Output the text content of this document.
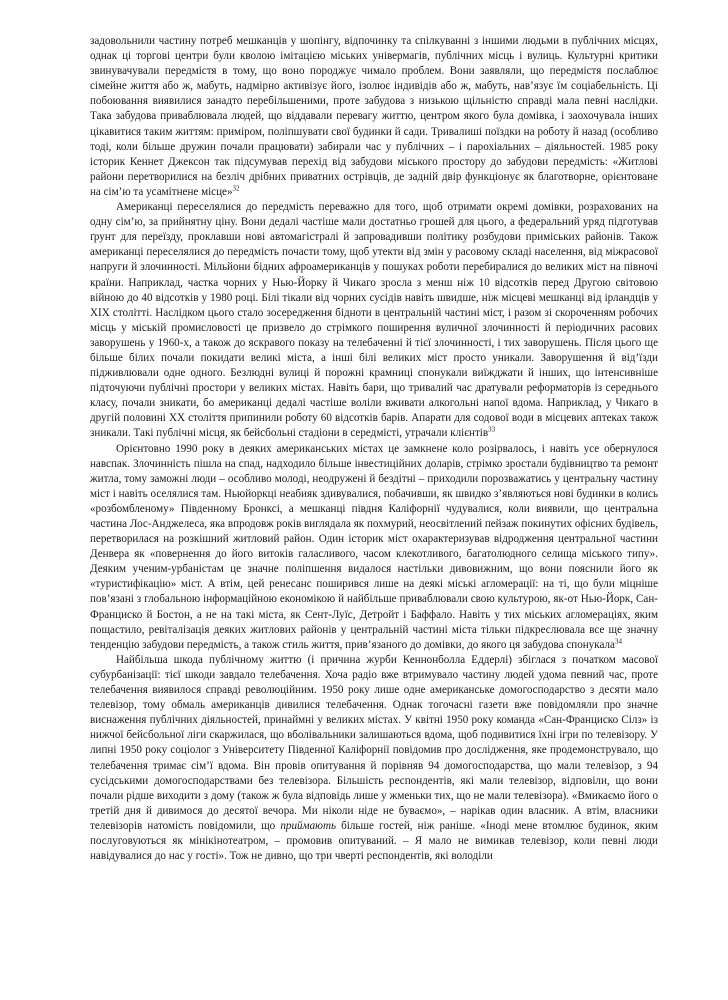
задовольнили частину потреб мешканців у шопінгу, відпочинку та спілкуванні з іншими людьми в публічних місцях, однак ці торгові центри були кволою імітацією міських універмагів, публічних місць і вулиць. Культурні критики звинувачували передмістя в тому, що воно породжує чимало проблем. Вони заявляли, що передмістя послаблює сімейне життя або ж, мабуть, надмірно активізує його, ізолює індивідів або ж, мабуть, нав’язує їм соціабельність. Ці побоювання виявилися занадто перебільшеними, проте забудова з низькою щільністю справді мала певні наслідки. Така забудова приваблювала людей, що віддавали перевагу життю, центром якого була домівка, і заохочувала інших цікавитися таким життям: приміром, поліпшувати свої будинки й сади. Тривалиші поїздки на роботу й назад (особливо тоді, коли більше дружин почали працювати) забирали час у публічних – і парохіальних – діяльностей. 1985 року історик Кеннет Джексон так підсумував перехід від забудови міського простору до забудови передмість: «Житлові райони перетворилися на безліч дрібних приватних острівців, де задній двір функціонує як благотворне, орієнтоване на сім’ю та усамітнене місце»$^{32}$

Американці переселялися до передмість переважно для того, щоб отримати окремі домівки, розрахованих на одну сім’ю, за прийнятну ціну. Вони дедалі частіше мали достатньо грошей для цього, а федеральний уряд підготував ґрунт для переїзду, проклавши нові автомагістралі й запровадивши політику розбудови приміських районів. Також американці переселялися до передмість почасти тому, щоб утекти від змін у расовому складі населення, від міжрасової напруги й злочинності. Мільйони бідних афроамериканців у пошуках роботи перебиралися до великих міст на півночі країни. Наприклад, частка чорних у Нью-Йорку й Чикаго зросла з менш ніж 10 відсотків перед Другою світовою війною до 40 відсотків у 1980 році. Білі тікали від чорних сусідів навіть швидше, ніж місцеві мешканці від ірландців у XIX столітті. Наслідком цього стало зосередження бідноти в центральній частині міст, і разом зі скороченням робочих місць у міській промисловості це призвело до стрімкого поширення вуличної злочинності й періодичних расових заворушень у 1960-х, а також до яскравого показу на телебаченні й тієї злочинності, і тих заворушень. Після цього ще більше білих почали покидати великі міста, а інші білі великих міст просто уникали. Заворушення й від’їзди підживлювали одне одного. Безлюдні вулиці й порожні крамниці спонукали виїжджати й інших, що інтенсивніше підточуючи публічні простори у великих містах. Навіть бари, що тривалий час дратували реформаторів із середнього класу, почали зникати, бо американці дедалі частіше воліли вживати алкогольні напої вдома. Наприклад, у Чикаго в другій половині XX століття припинили роботу 60 відсотків барів. Апарати для содової води в місцевих аптеках також зникали. Такі публічні місця, як бейсбольні стадіони в середмісті, утрачали клієнтів$^{33}$

Орієнтовно 1990 року в деяких американських містах це замкнене коло розірвалось, і навіть усе обернулося навспак. Злочинність пішла на спад, надходило більше інвестиційних доларів, стрімко зростали будівництво та ремонт житла, тому заможні люди – особливо молоді, неодружені й бездітні – приходили порозважатись у центральну частину міст і навіть оселялися там. Ньюйоркці неабияк здивувалися, побачивши, як швидко з’являються нові будинки в колись «розбомбленому» Південному Бронксі, а мешканці півдня Каліфорнії чудувалися, коли виявили, що центральна частина Лос-Анджелеса, яка впродовж років виглядала як похмурий, неосвітлений пейзаж покинутих офісних будівель, перетворилася на розкішний житловий район. Один історик міст охарактеризував відродження центральної частини Денвера як «повернення до його витоків галасливого, часом клекотливого, багатолюдного селища міського типу». Деяким ученим-урбаністам це значне поліпшення видалося настільки дивовижним, що вони пояснили його як «туристифікацію» міст. А втім, цей ренесанс поширився лише на деякі міські агломерації: на ті, що були міцніше пов’язані з глобальною інформаційною економікою й найбільше приваблювали свою культурою, як-от Нью-Йорк, Сан-Франциско й Бостон, а не на такі міста, як Сент-Луїс, Детройт і Баффало. Навіть у тих міських агломераціях, яким пощастило, ревіталізація деяких житлових районів у центральній частині міста тільки підкреслювала все ще значну тенденцію забудови передмість, а також стиль життя, прив’язаного до домівки, до якого ця забудова спонукала$^{34}$

Найбільша шкода публічному життю (і причина журби Кеннонболла Еддерлі) збіглася з початком масової субурбанізації: тієї шкоди завдало телебачення. Хоча радіо вже втримувало частину людей удома певний час, проте телебачення виявилося справді революційним. 1950 року лише одне американське домогосподарство з десяти мало телевізор, тому обмаль американців дивилися телебачення. Однак тогочасні газети вже повідомляли про значне виснаження публічних діяльностей, принаймні у великих містах. У квітні 1950 року команда «Сан-Франциско Сілз» із нижчої бейсбольної ліги скаржилася, що вболівальники залишаються вдома, щоб подивитися їхні ігри по телевізору. У липні 1950 року соціолог з Університету Південної Каліфорнії повідомив про дослідження, яке продемонструвало, що телебачення тримає сім’ї вдома. Він провів опитування й порівняв 94 домогосподарства, що мали телевізор, з 94 сусідськими домогосподарствами без телевізора. Більшість респондентів, які мали телевізор, відповіли, що вони почали рідше виходити з дому (також ж була відповідь лише у жменьки тих, що не мали телевізора). «Вмикаємо його о третій дня й дивимося до десятої вечора. Ми ніколи ніде не буваємо», – нарікав один власник. А втім, власники телевізорів натомість повідомили, що приймають більше гостей, ніж раніше. «Іноді мене втомлює будинок, яким послуговуються як мінікінотеатром, – промовив опитуваний. – Я мало не вимикав телевізор, коли певні люди навідувалися до нас у гості». Тож не дивно, що три чверті респондентів, які володіли
